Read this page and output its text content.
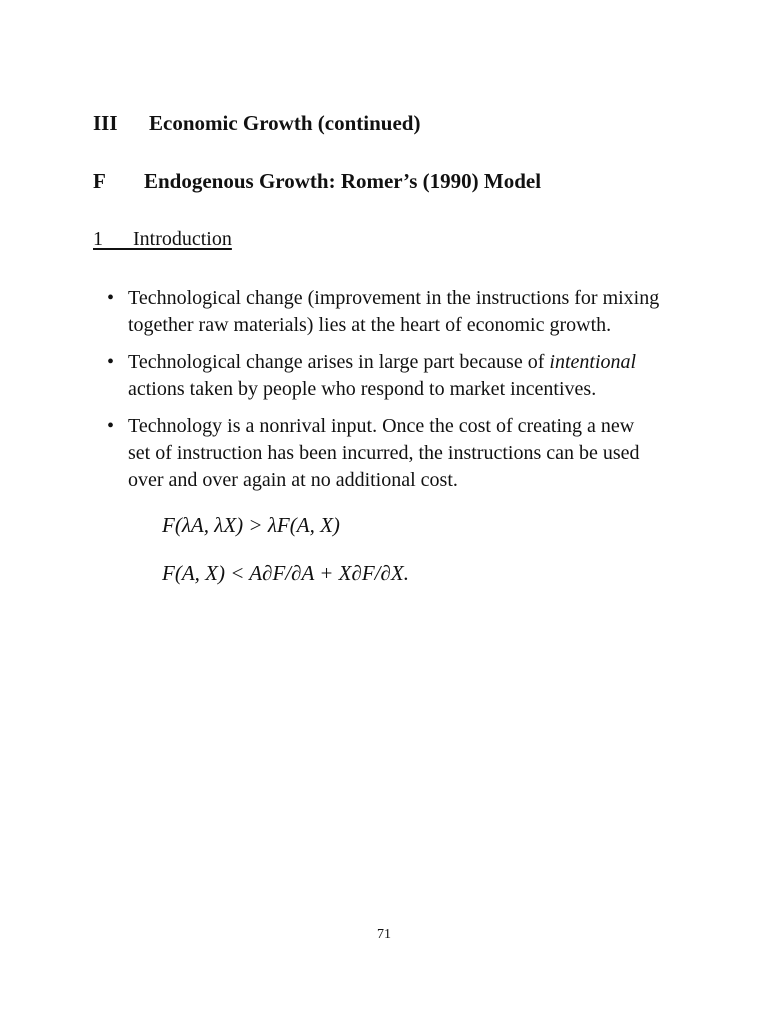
III Economic Growth (continued)
F Endogenous Growth: Romer’s (1990) Model
1 Introduction
• Technological change (improvement in the instructions for mixing
together raw materials) lies at the heart of economic growth.
• Technological change arises in large part because of intentional
actions taken by people who respond to market incentives.
• Technology is a nonrival input. Once the cost of creating a new
set of instruction has been incurred, the instructions can be used
over and over again at no additional cost.
F(λA, λX) > λF(A, X)
F(A, X) < A∂F/∂A + X∂F/∂X.
71
